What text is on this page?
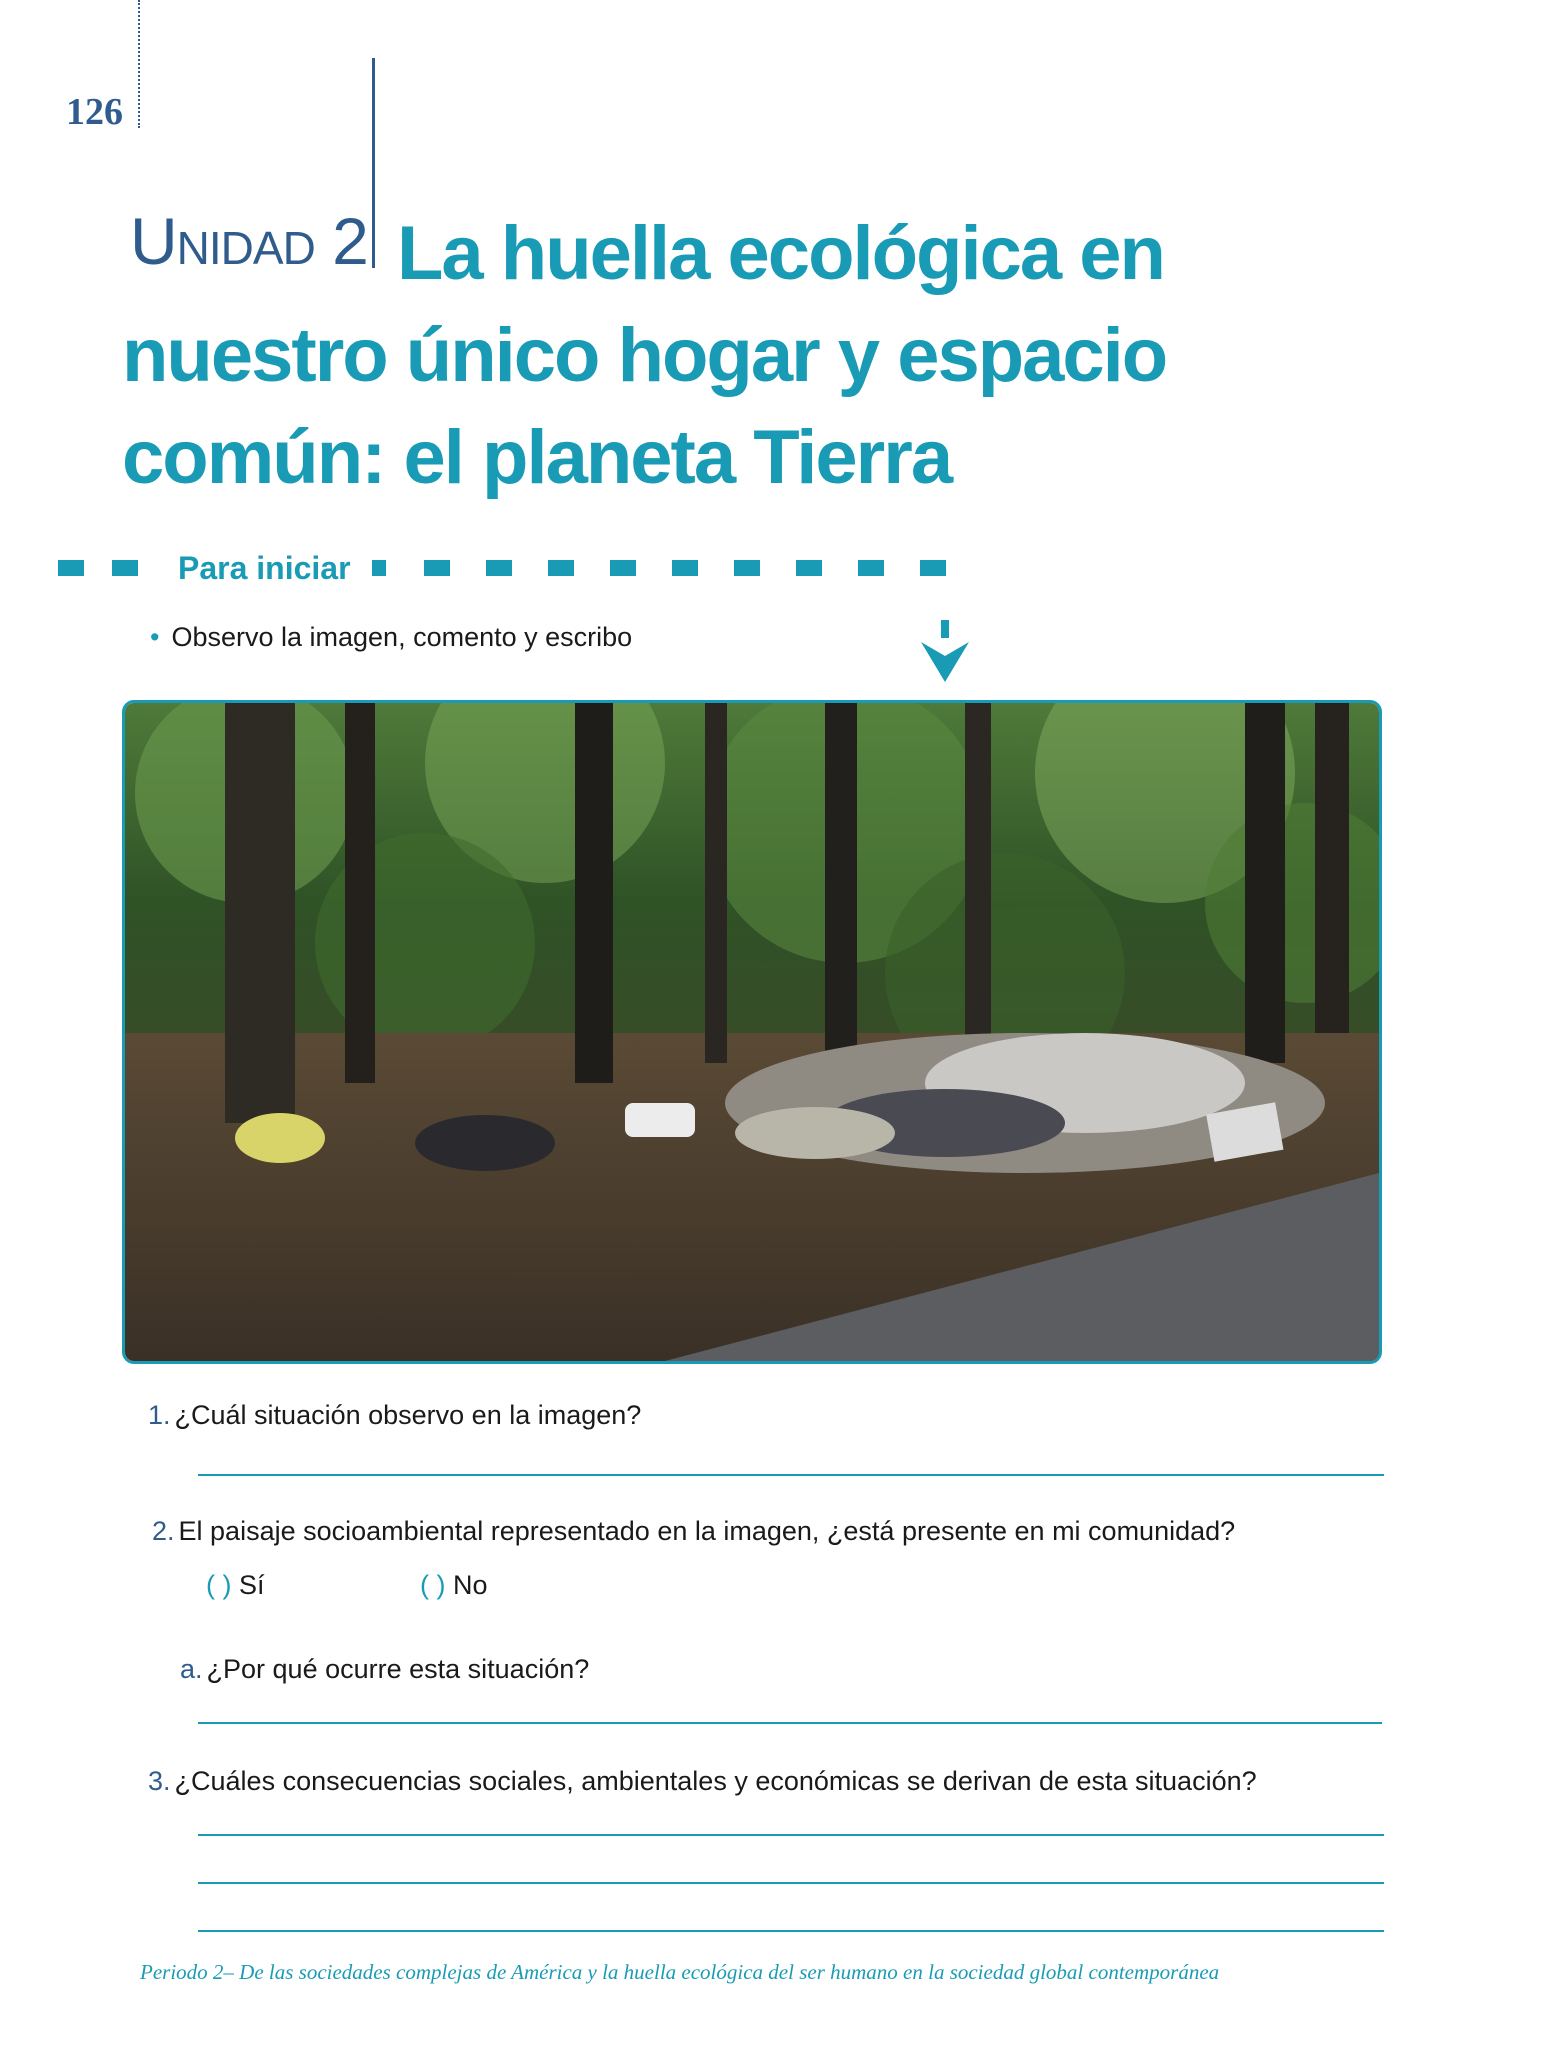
126
Unidad 2 La huella ecológica en nuestro único hogar y espacio común: el planeta Tierra
Para iniciar
• Observo la imagen, comento y escribo
1. ¿Cuál situación observo en la imagen?
2. El paisaje socioambiental representado en la imagen, ¿está presente en mi comunidad?
( ) Sí	( ) No
a. ¿Por qué ocurre esta situación?
3. ¿Cuáles consecuencias sociales, ambientales y económicas se derivan de esta situación?
Periodo 2– De las sociedades complejas de América y la huella ecológica del ser humano en la sociedad global contemporánea
